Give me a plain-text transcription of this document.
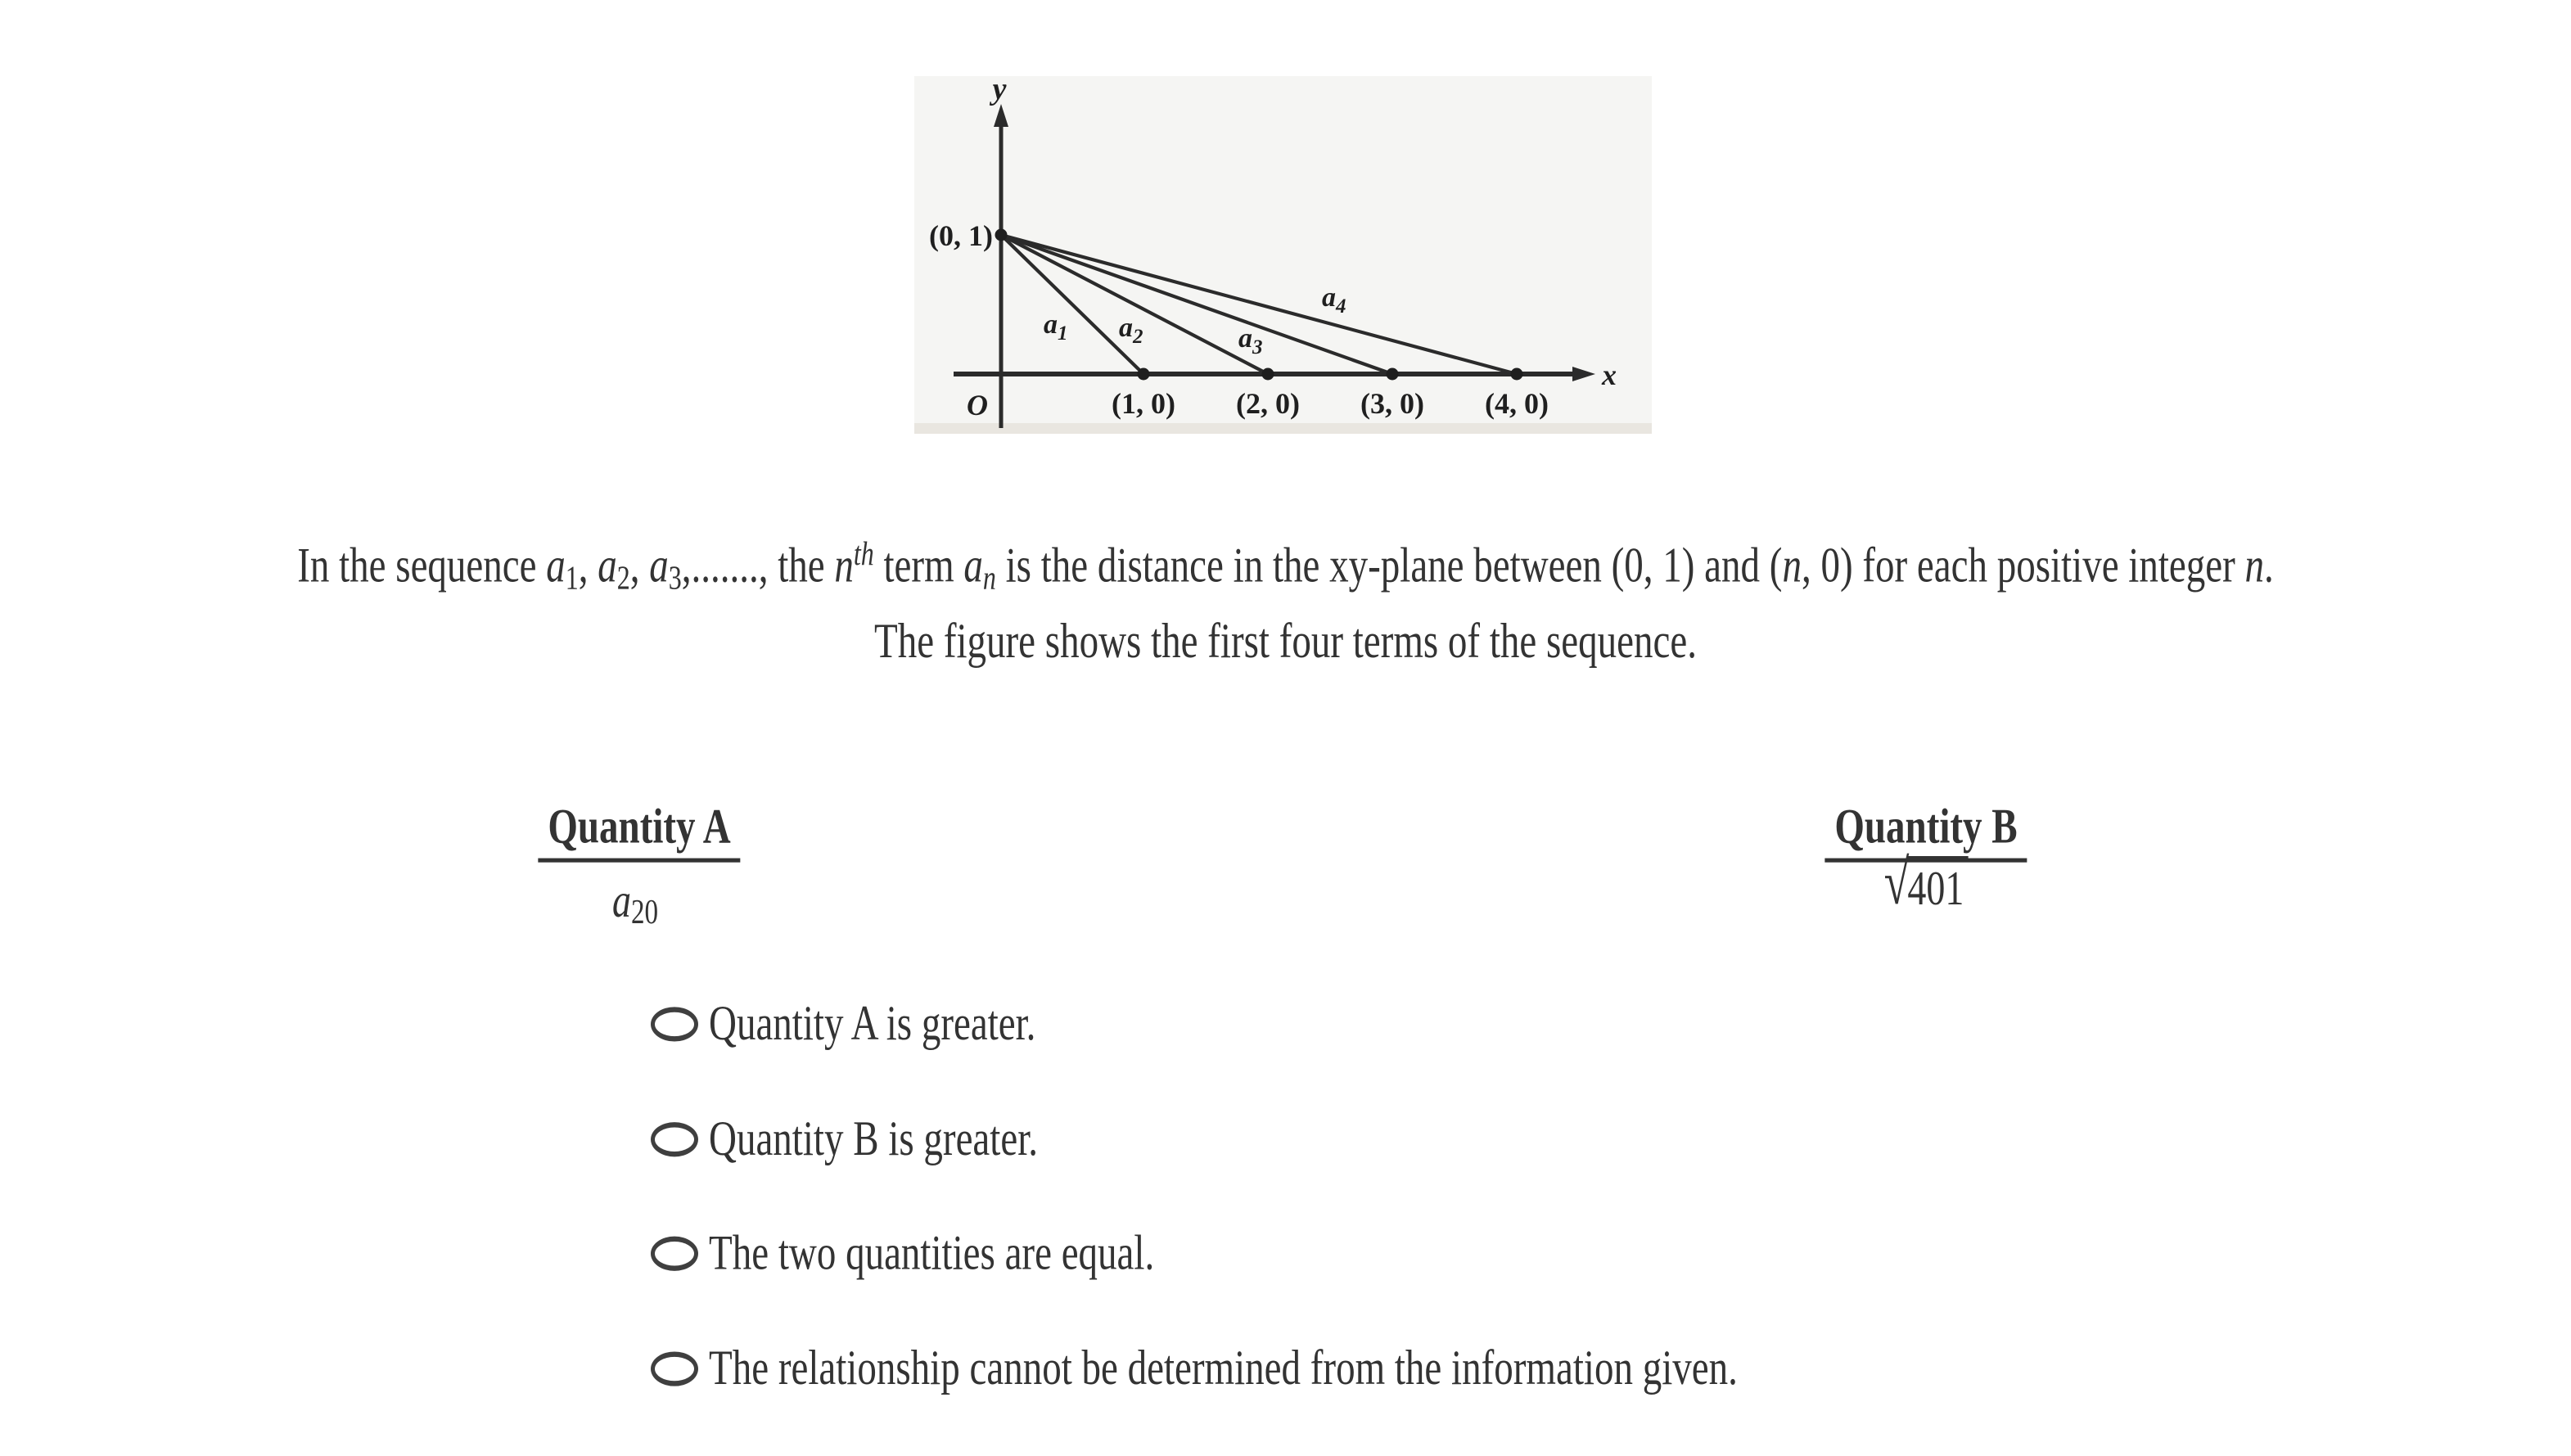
y
x
O
(0, 1)
(1, 0) (2, 0) (3, 0) (4, 0)
$a_1$ $a_2$	$a_3$
$a_4$
In the sequence a1, a2, a3,......., the $n^{th}$ term an is the distance in the xy-plane between (0, 1) and (n, 0) for each positive integer n.
The figure shows the first four terms of the sequence.
Quantity A
a20
Quantity B
√
401
Quantity A is greater.
Quantity B is greater.
The two quantities are equal.
The relationship cannot be determined from the information given.
